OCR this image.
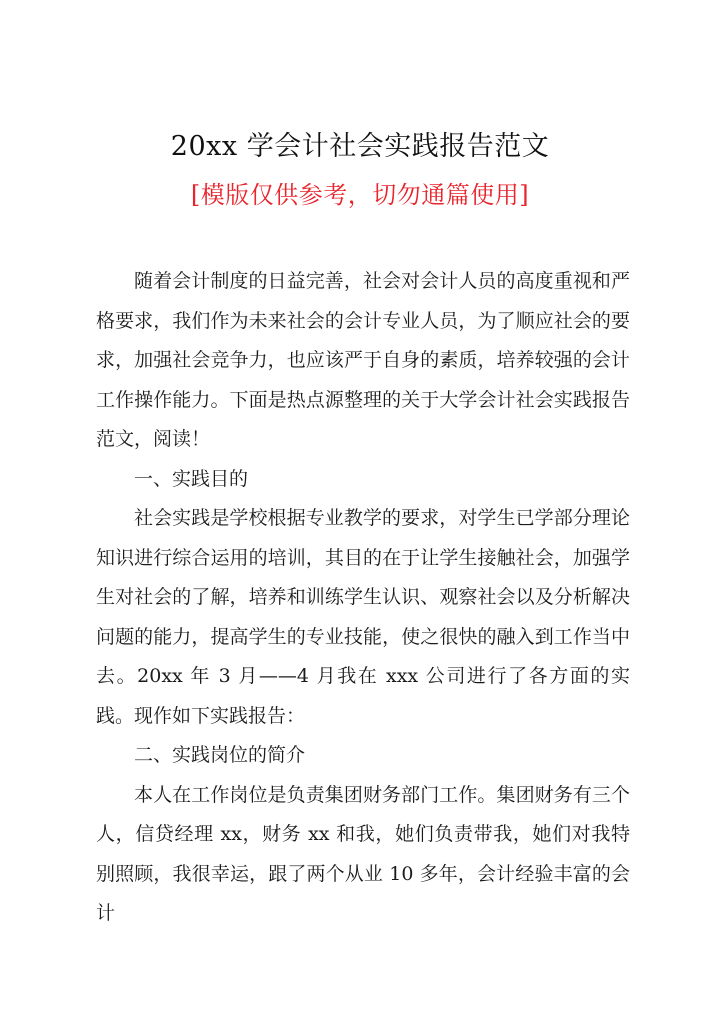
20xx 学会计社会实践报告范文
[模版仅供参考，切勿通篇使用]

随着会计制度的日益完善，社会对会计人员的高度重视和严格要求，我们作为未来社会的会计专业人员，为了顺应社会的要求，加强社会竞争力，也应该严于自身的素质，培养较强的会计工作操作能力。下面是热点源整理的关于大学会计社会实践报告范文，阅读！

一、实践目的

社会实践是学校根据专业教学的要求，对学生已学部分理论知识进行综合运用的培训，其目的在于让学生接触社会，加强学生对社会的了解，培养和训练学生认识、观察社会以及分析解决问题的能力，提高学生的专业技能，使之很快的融入到工作当中去。20xx 年 3 月——4 月我在 xxx 公司进行了各方面的实践。现作如下实践报告：

二、实践岗位的简介

本人在工作岗位是负责集团财务部门工作。集团财务有三个人，信贷经理 xx，财务 xx 和我，她们负责带我，她们对我特别照顾，我很幸运，跟了两个从业 10 多年，会计经验丰富的会计
